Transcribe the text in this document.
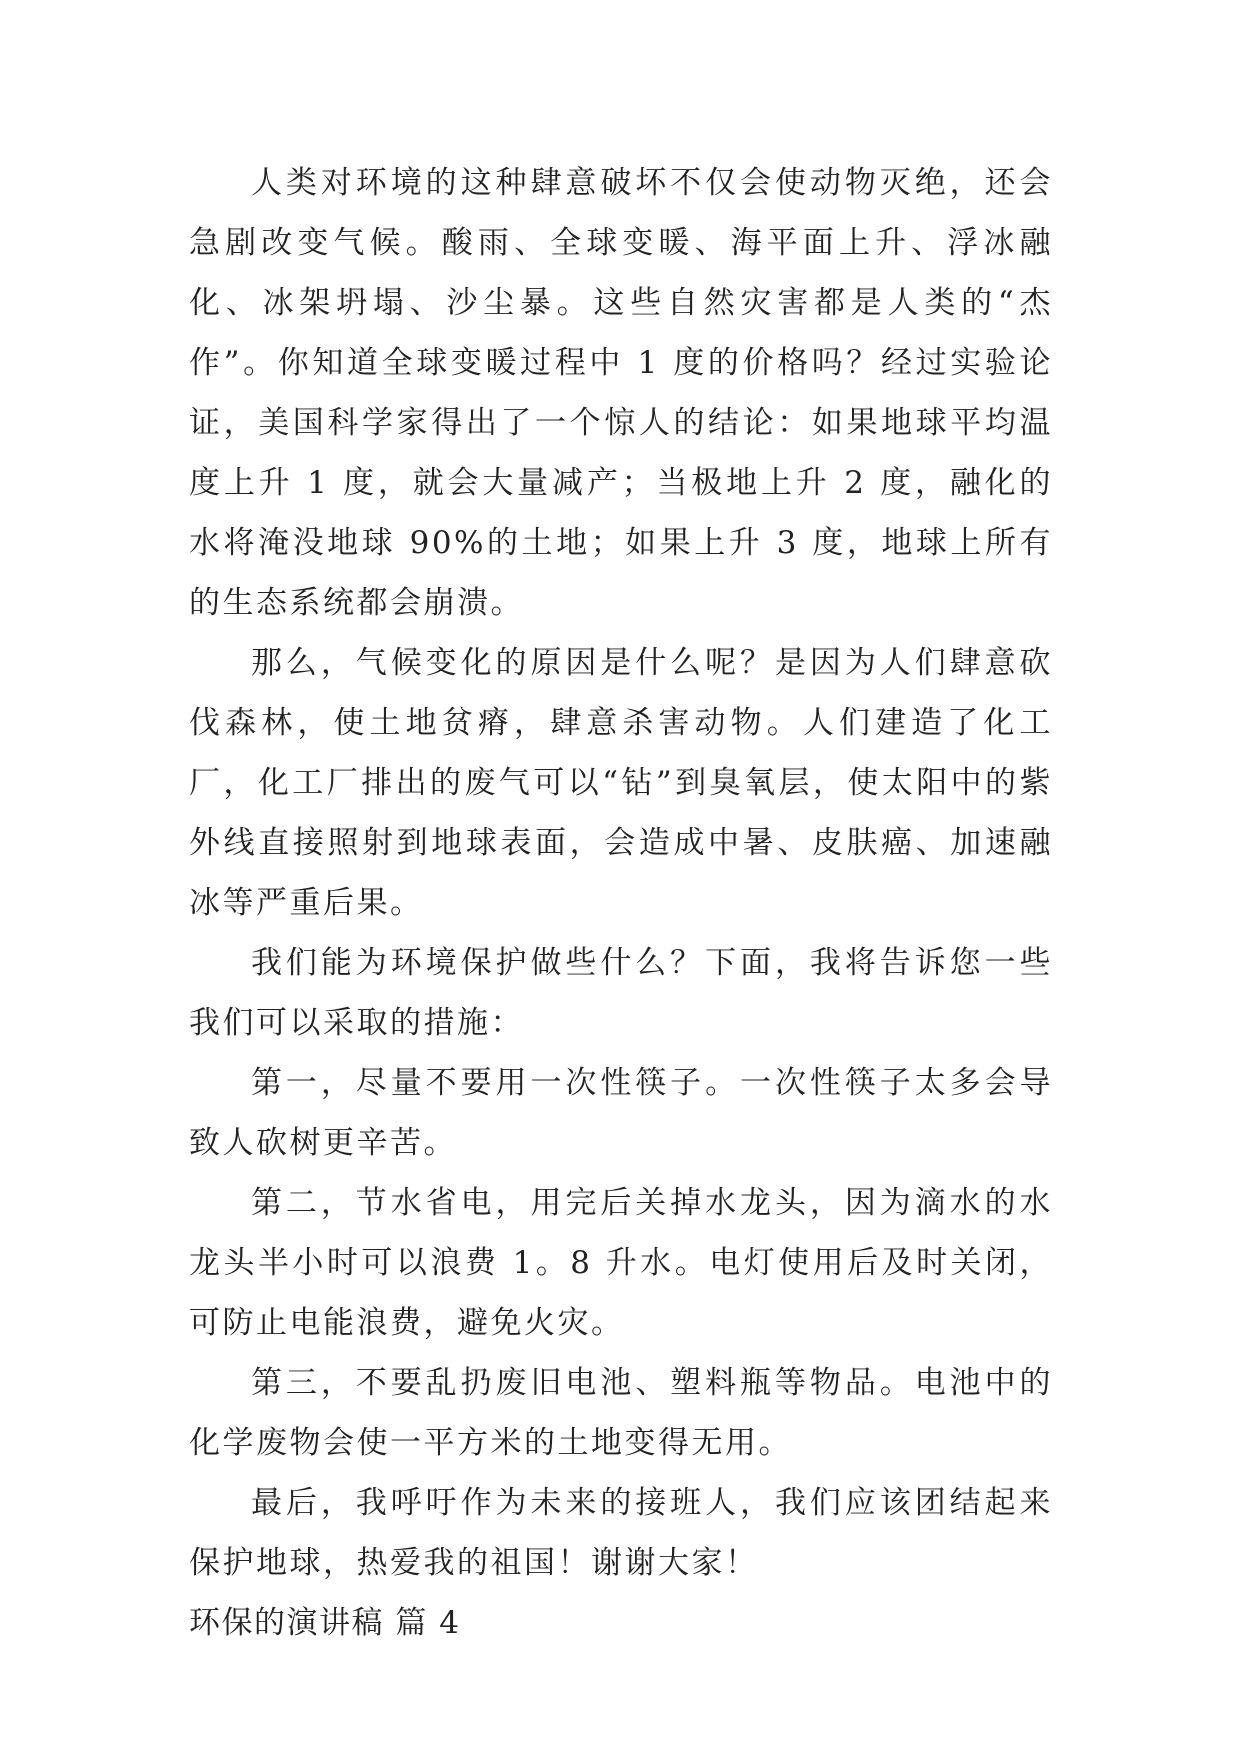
人类对环境的这种肆意破坏不仅会使动物灭绝，还会急剧改变气候。酸雨、全球变暖、海平面上升、浮冰融化、冰架坍塌、沙尘暴。这些自然灾害都是人类的“杰作”。你知道全球变暖过程中 1 度的价格吗？经过实验论证，美国科学家得出了一个惊人的结论：如果地球平均温度上升 1 度，就会大量减产；当极地上升 2 度，融化的水将淹没地球 90%的土地；如果上升 3 度，地球上所有的生态系统都会崩溃。

那么，气候变化的原因是什么呢？是因为人们肆意砍伐森林，使土地贫瘠，肆意杀害动物。人们建造了化工厂，化工厂排出的废气可以“钻”到臭氧层，使太阳中的紫外线直接照射到地球表面，会造成中暑、皮肤癌、加速融冰等严重后果。

我们能为环境保护做些什么？下面，我将告诉您一些我们可以采取的措施：

第一，尽量不要用一次性筷子。一次性筷子太多会导致人砍树更辛苦。

第二，节水省电，用完后关掉水龙头，因为滴水的水龙头半小时可以浪费 1。8 升水。电灯使用后及时关闭，可防止电能浪费，避免火灾。

第三，不要乱扔废旧电池、塑料瓶等物品。电池中的化学废物会使一平方米的土地变得无用。

最后，我呼吁作为未来的接班人，我们应该团结起来保护地球，热爱我的祖国！谢谢大家！

环保的演讲稿 篇 4
